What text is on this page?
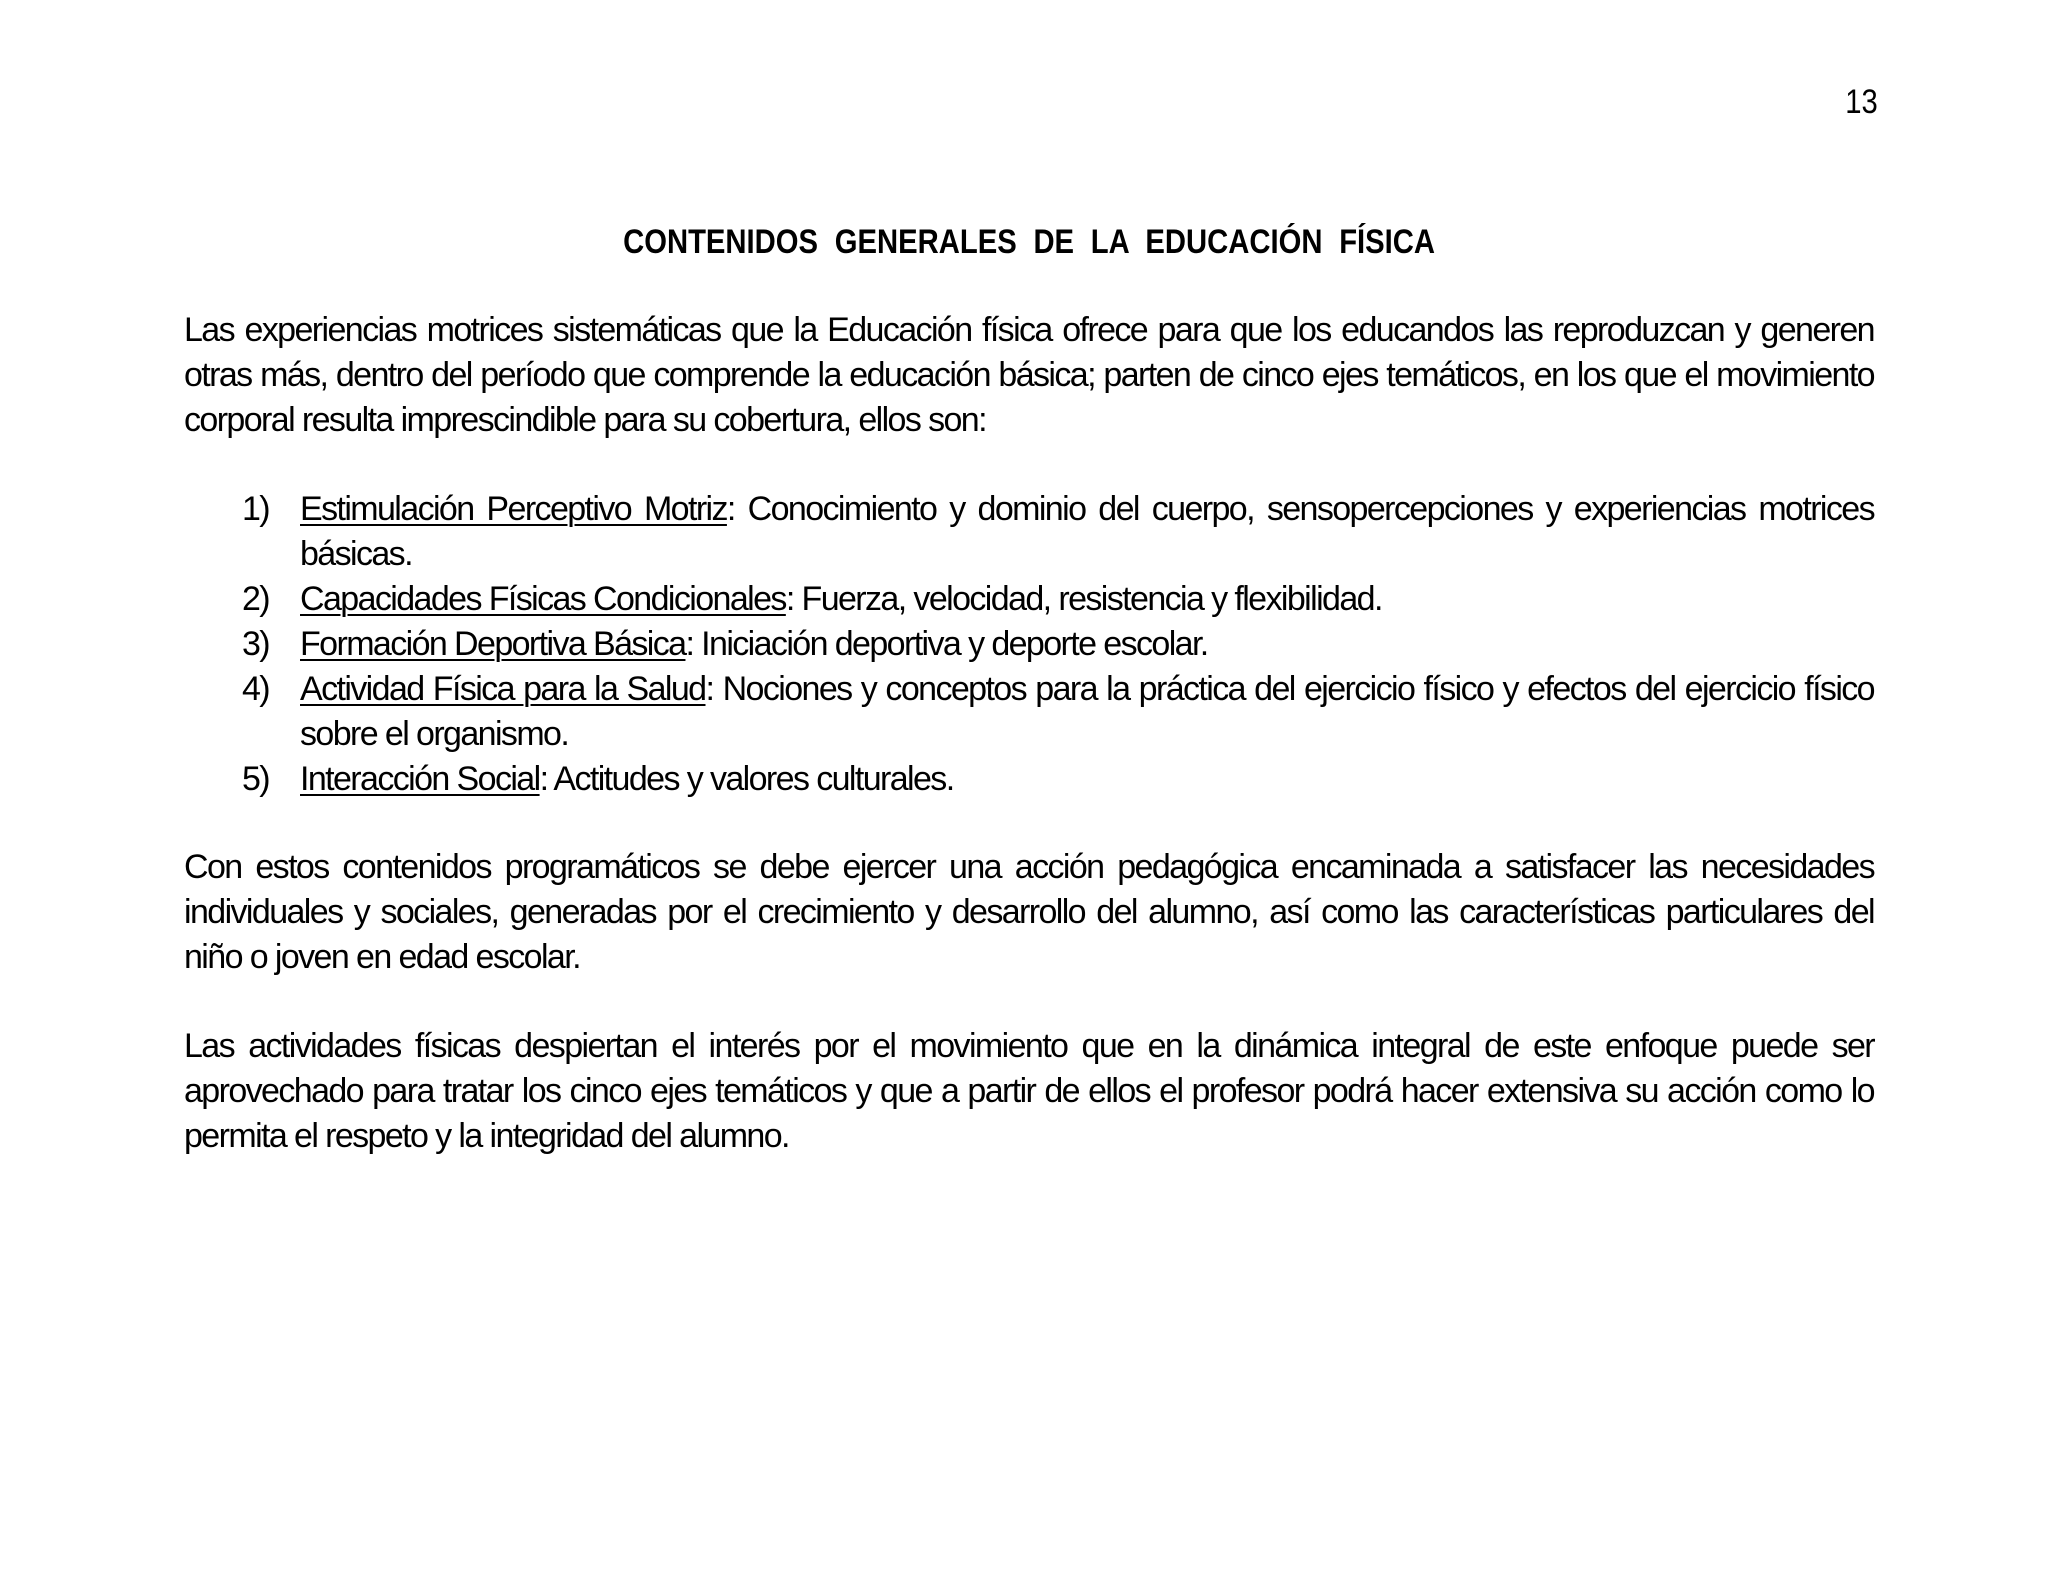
13
CONTENIDOS GENERALES DE LA EDUCACIÓN FÍSICA

Las experiencias motrices sistemáticas que la Educación física ofrece para que los educandos las reproduzcan y generen otras más, dentro del período que comprende la educación básica; parten de cinco ejes temáticos, en los que el movimiento corporal resulta imprescindible para su cobertura, ellos son:

1) Estimulación Perceptivo Motriz: Conocimiento y dominio del cuerpo, sensopercepciones y experiencias motrices básicas.
2) Capacidades Físicas Condicionales: Fuerza, velocidad, resistencia y flexibilidad.
3) Formación Deportiva Básica: Iniciación deportiva y deporte escolar.
4) Actividad Física para la Salud: Nociones y conceptos para la práctica del ejercicio físico y efectos del ejercicio físico sobre el organismo.
5) Interacción Social: Actitudes y valores culturales.

Con estos contenidos programáticos se debe ejercer una acción pedagógica encaminada a satisfacer las necesidades individuales y sociales, generadas por el crecimiento y desarrollo del alumno, así como las características particulares del niño o joven en edad escolar.

Las actividades físicas despiertan el interés por el movimiento que en la dinámica integral de este enfoque puede ser aprovechado para tratar los cinco ejes temáticos y que a partir de ellos el profesor podrá hacer extensiva su acción como lo permita el respeto y la integridad del alumno.
